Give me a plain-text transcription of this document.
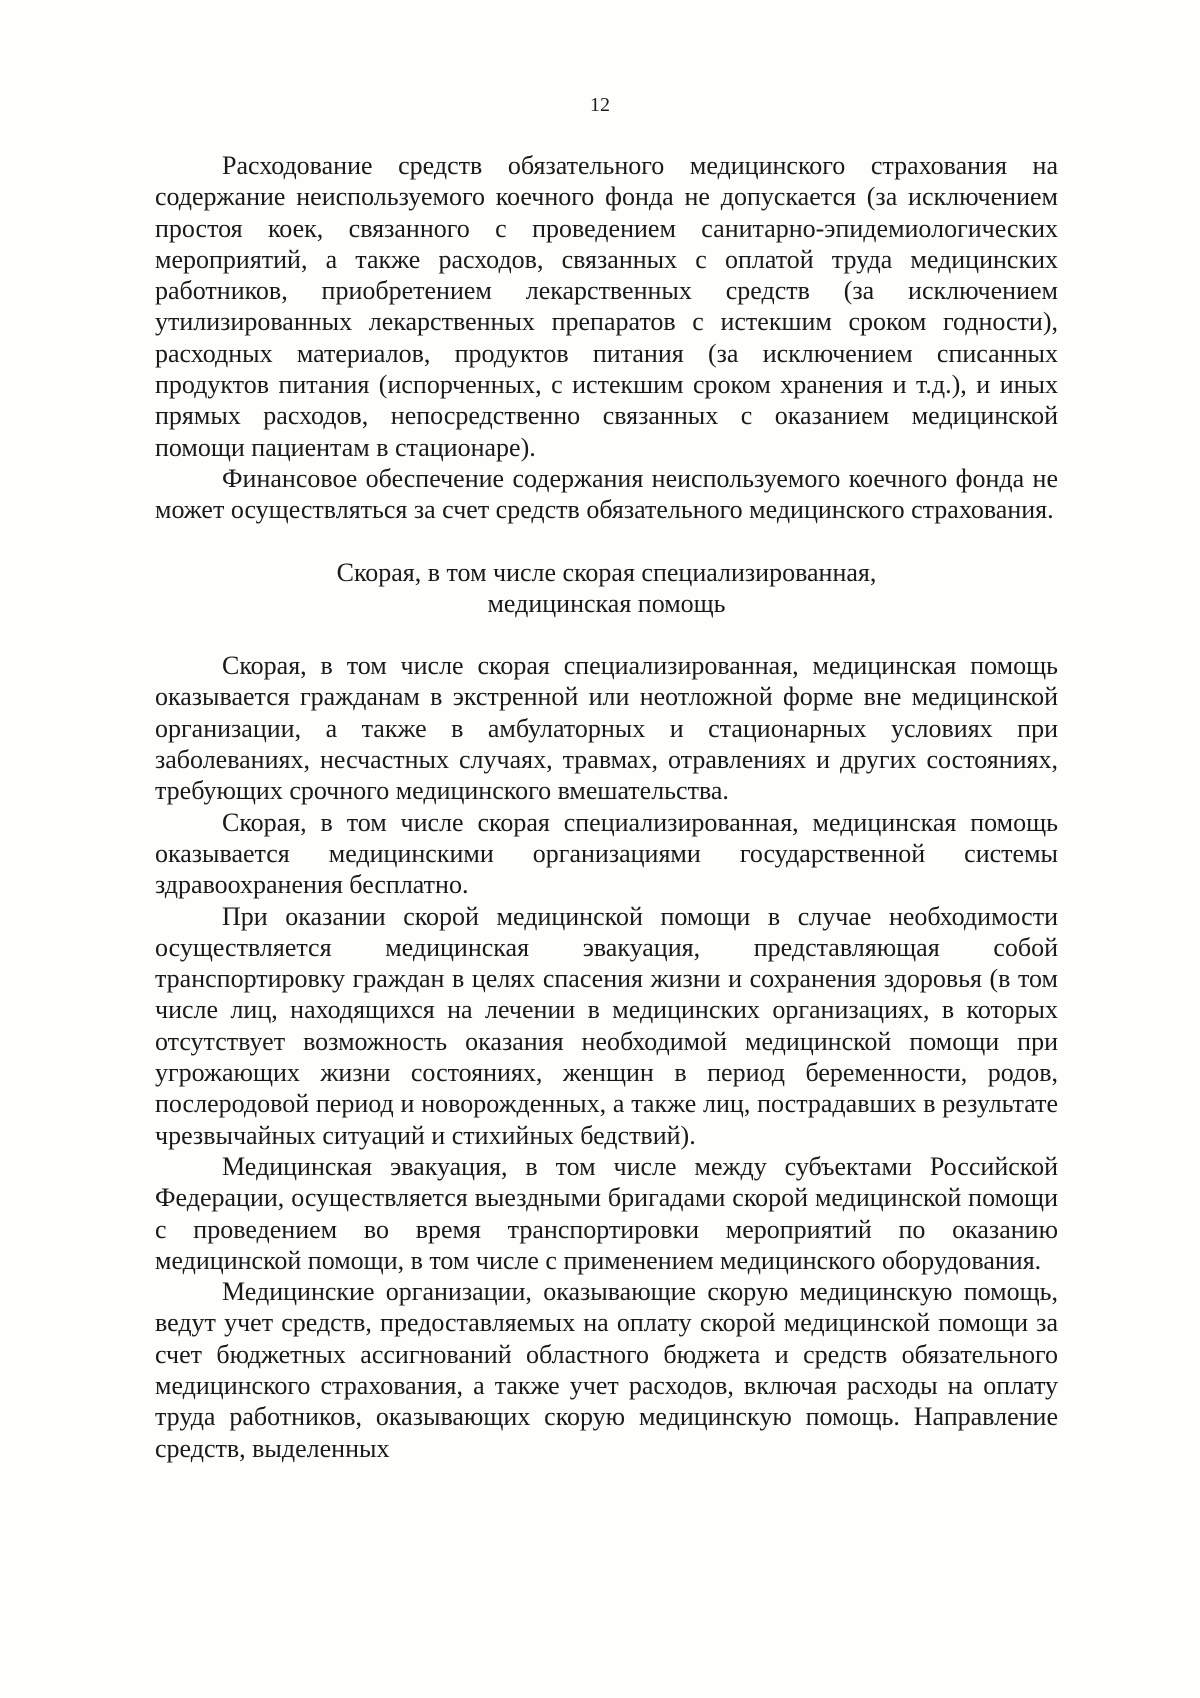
12

Расходование средств обязательного медицинского страхования на содержание неиспользуемого коечного фонда не допускается (за исключением простоя коек, связанного с проведением санитарно-эпидемиологических мероприятий, а также расходов, связанных с оплатой труда медицинских работников, приобретением лекарственных средств (за исключением утилизированных лекарственных препаратов с истекшим сроком годности), расходных материалов, продуктов питания (за исключением списанных продуктов питания (испорченных, с истекшим сроком хранения и т.д.), и иных прямых расходов, непосредственно связанных с оказанием медицинской помощи пациентам в стационаре).

Финансовое обеспечение содержания неиспользуемого коечного фонда не может осуществляться за счет средств обязательного медицинского страхования.

Скорая, в том числе скорая специализированная,
медицинская помощь

Скорая, в том числе скорая специализированная, медицинская помощь оказывается гражданам в экстренной или неотложной форме вне медицинской организации, а также в амбулаторных и стационарных условиях при заболеваниях, несчастных случаях, травмах, отравлениях и других состояниях, требующих срочного медицинского вмешательства.

Скорая, в том числе скорая специализированная, медицинская помощь оказывается медицинскими организациями государственной системы здравоохранения бесплатно.

При оказании скорой медицинской помощи в случае необходимости осуществляется медицинская эвакуация, представляющая собой транспортировку граждан в целях спасения жизни и сохранения здоровья (в том числе лиц, находящихся на лечении в медицинских организациях, в которых отсутствует возможность оказания необходимой медицинской помощи при угрожающих жизни состояниях, женщин в период беременности, родов, послеродовой период и новорожденных, а также лиц, пострадавших в результате чрезвычайных ситуаций и стихийных бедствий).

Медицинская эвакуация, в том числе между субъектами Российской Федерации, осуществляется выездными бригадами скорой медицинской помощи с проведением во время транспортировки мероприятий по оказанию медицинской помощи, в том числе с применением медицинского оборудования.

Медицинские организации, оказывающие скорую медицинскую помощь, ведут учет средств, предоставляемых на оплату скорой медицинской помощи за счет бюджетных ассигнований областного бюджета и средств обязательного медицинского страхования, а также учет расходов, включая расходы на оплату труда работников, оказывающих скорую медицинскую помощь. Направление средств, выделенных
